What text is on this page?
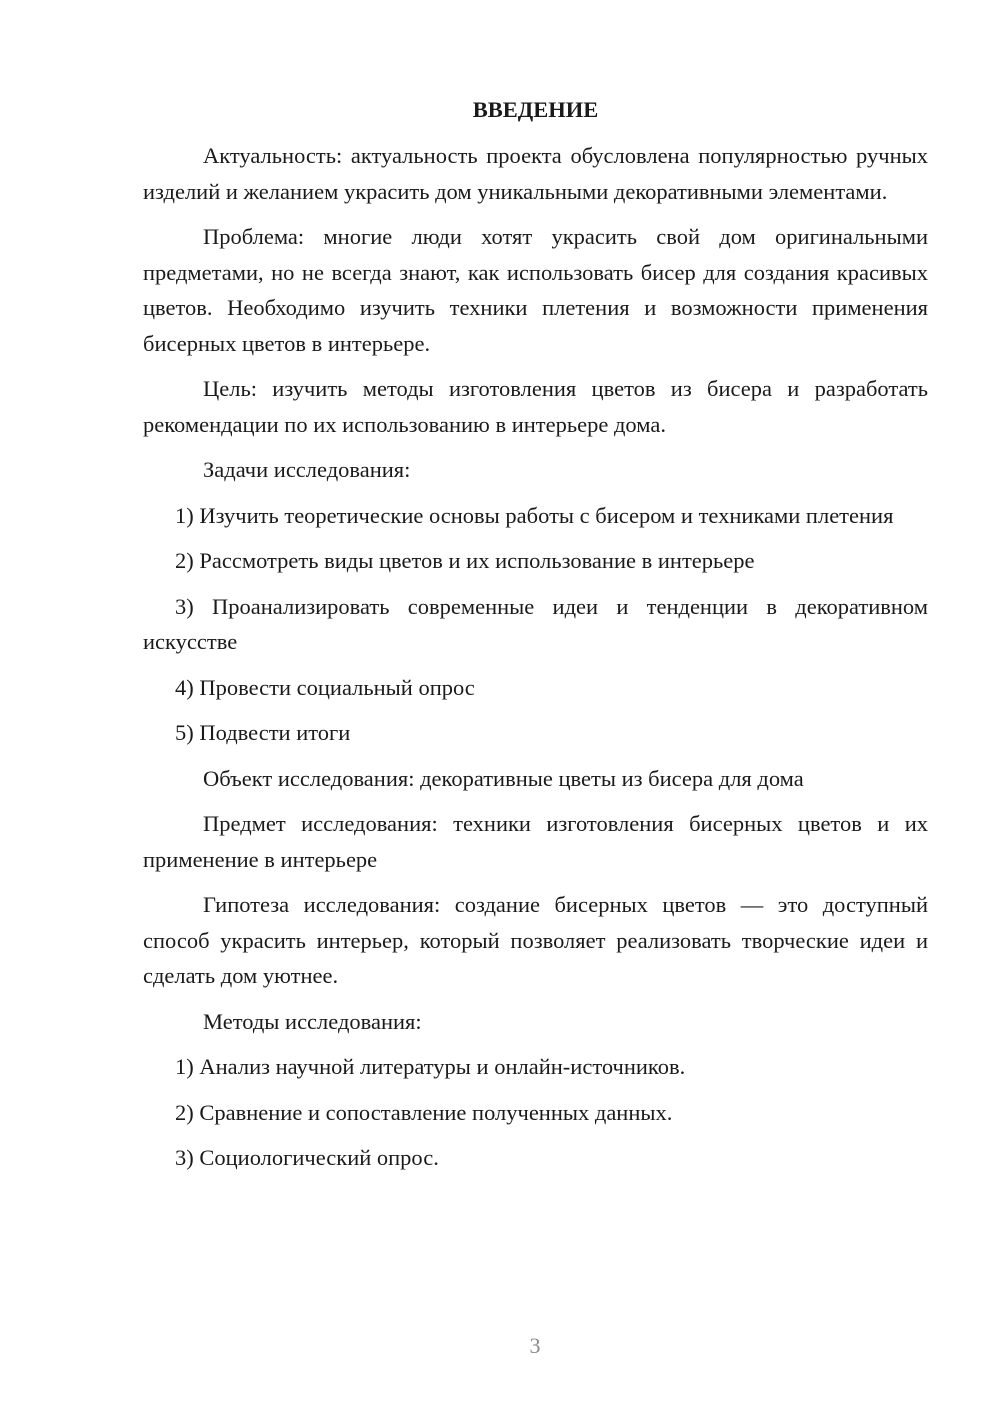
ВВЕДЕНИЕ

Актуальность: актуальность проекта обусловлена популярностью ручных изделий и желанием украсить дом уникальными декоративными элементами.

Проблема: многие люди хотят украсить свой дом оригинальными предметами, но не всегда знают, как использовать бисер для создания красивых цветов. Необходимо изучить техники плетения и возможности применения бисерных цветов в интерьере.

Цель: изучить методы изготовления цветов из бисера и разработать рекомендации по их использованию в интерьере дома.

Задачи исследования:

1) Изучить теоретические основы работы с бисером и техниками плетения

2) Рассмотреть виды цветов и их использование в интерьере

3) Проанализировать современные идеи и тенденции в декоративном искусстве

4) Провести социальный опрос

5) Подвести итоги

Объект исследования: декоративные цветы из бисера для дома

Предмет исследования: техники изготовления бисерных цветов и их применение в интерьере

Гипотеза исследования: создание бисерных цветов — это доступный способ украсить интерьер, который позволяет реализовать творческие идеи и сделать дом уютнее.

Методы исследования:

1) Анализ научной литературы и онлайн-источников.

2) Сравнение и сопоставление полученных данных.

3) Социологический опрос.

3
